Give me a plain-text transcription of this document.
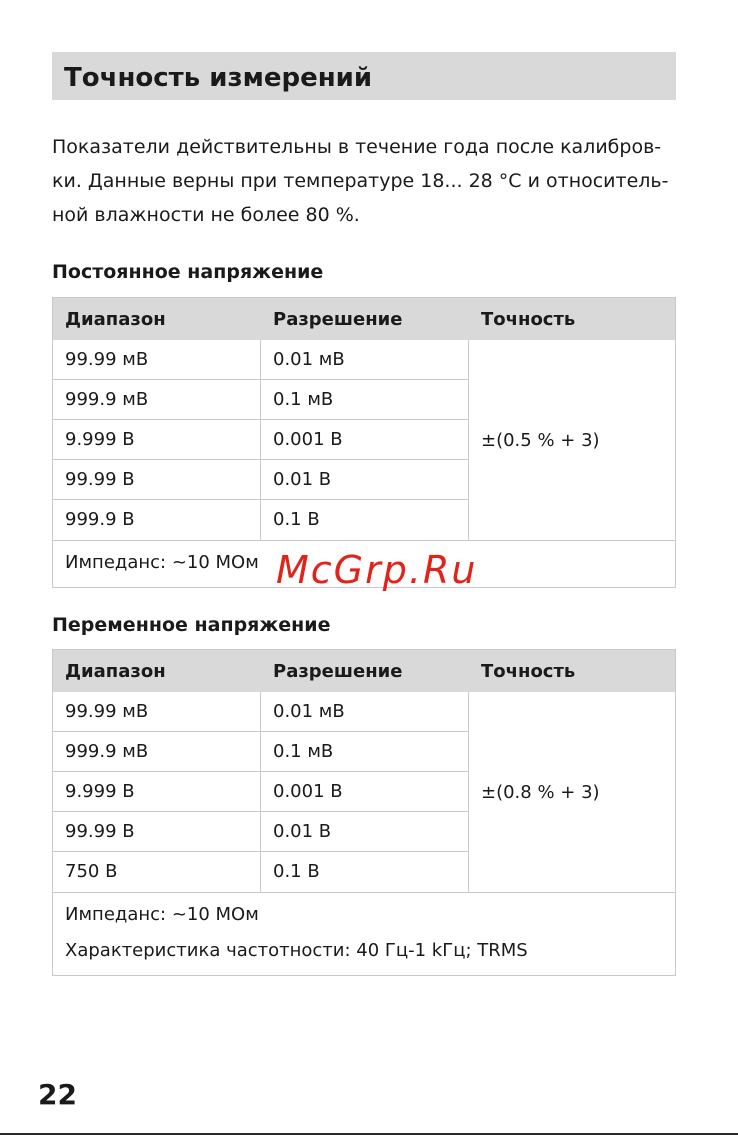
Точность измерений
Показатели действительны в течение года после калибров-
ки. Данные верны при температуре 18... 28 °С и относитель-
ной влажности не более 80 %.
Постоянное напряжение
Диапазон	Разрешение	Точность
99.99 мВ	0.01 мВ
999.9 мВ	0.1 мВ
9.999 В	0.001 В
99.99 В	0.01 В
999.9 В	0.1 В
±(0.5 % + 3)
Импеданс: ~10 МОм McGrp.Ru
Переменное напряжение
Диапазон	Разрешение	Точность
99.99 мВ	0.01 мВ
999.9 мВ	0.1 мВ
9.999 В	0.001 В
99.99 В	0.01 В
750 В	0.1 В
±(0.8 % + 3)
Импеданс: ~10 МОм
Характеристика частотности: 40 Гц-1 kГц; TRMS
22
